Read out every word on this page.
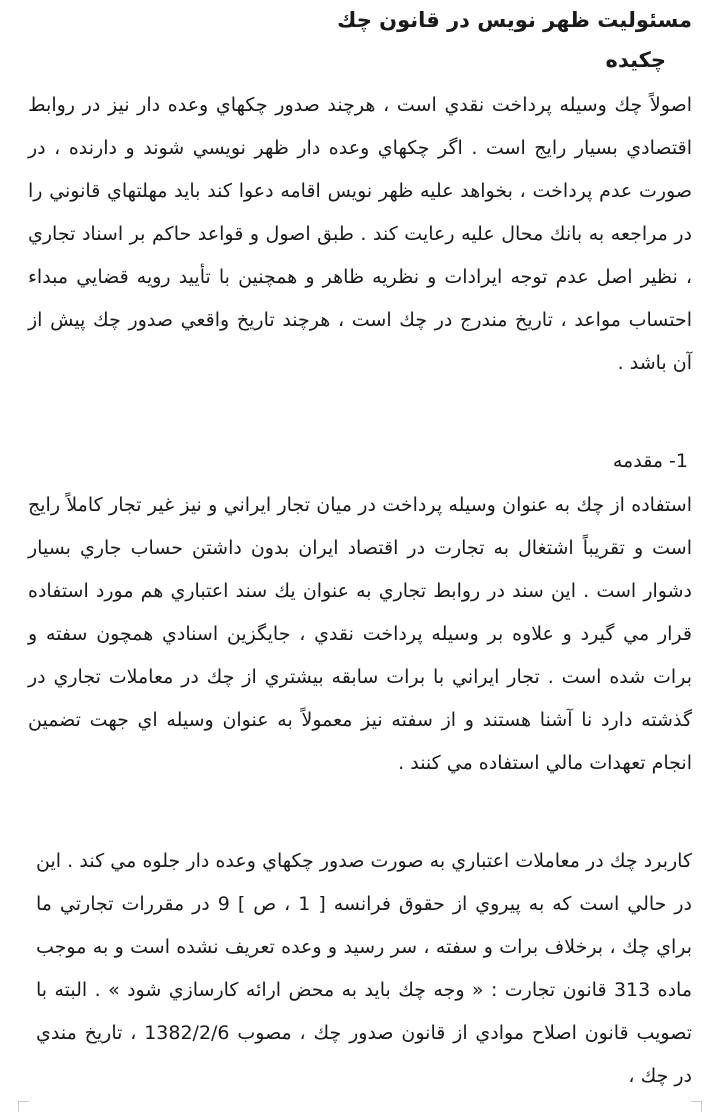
مسئوليت ظهر نويس در قانون چك
چكيده
اصولاً چك وسيله پرداخت نقدي است ، هرچند صدور چكهاي وعده دار نيز در روابط اقتصادي بسيار رايج است . اگر چكهاي وعده دار ظهر نويسي شوند و دارنده ، در صورت عدم پرداخت ، بخواهد عليه ظهر نويس اقامه دعوا كند بايد مهلتهاي قانوني را در مراجعه به بانك محال عليه رعايت كند . طبق اصول و قواعد حاكم بر اسناد تجاري ، نظير اصل عدم توجه ايرادات و نظريه ظاهر و همچنين با تأييد رويه قضايي مبداء احتساب مواعد ، تاريخ مندرج در چك است ، هرچند تاريخ واقعي صدور چك پيش از آن باشد .
1- مقدمه
استفاده از چك به عنوان وسيله پرداخت در ميان تجار ايراني و نيز غير تجار كاملاً رايج است و تقريباً اشتغال به تجارت در اقتصاد ايران بدون داشتن حساب جاري بسيار دشوار است . اين سند در روابط تجاري به عنوان يك سند اعتباري هم مورد استفاده قرار مي گيرد و علاوه بر وسيله پرداخت نقدي ، جايگزين اسنادي همچون سفته و برات شده است . تجار ايراني با برات سابقه بيشتري از چك در معاملات تجاري در گذشته دارد نا آشنا هستند و از سفته نيز معمولاً به عنوان وسيله اي جهت تضمين انجام تعهدات مالي استفاده مي كنند .
كاربرد چك در معاملات اعتباري به صورت صدور چكهاي وعده دار جلوه مي كند . اين در حالي است كه به پيروي از حقوق فرانسه [ 1 ، ص ] 9 در مقررات تجارتي ما براي چك ، برخلاف برات و سفته ، سر رسيد و وعده تعريف نشده است و به موجب ماده 313 قانون تجارت : « وجه چك بايد به محض ارائه كارسازي شود » . البته با تصويب قانون اصلاح موادي از قانون صدور چك ، مصوب 1382/2/6 ، تاريخ مندي در چك ،
